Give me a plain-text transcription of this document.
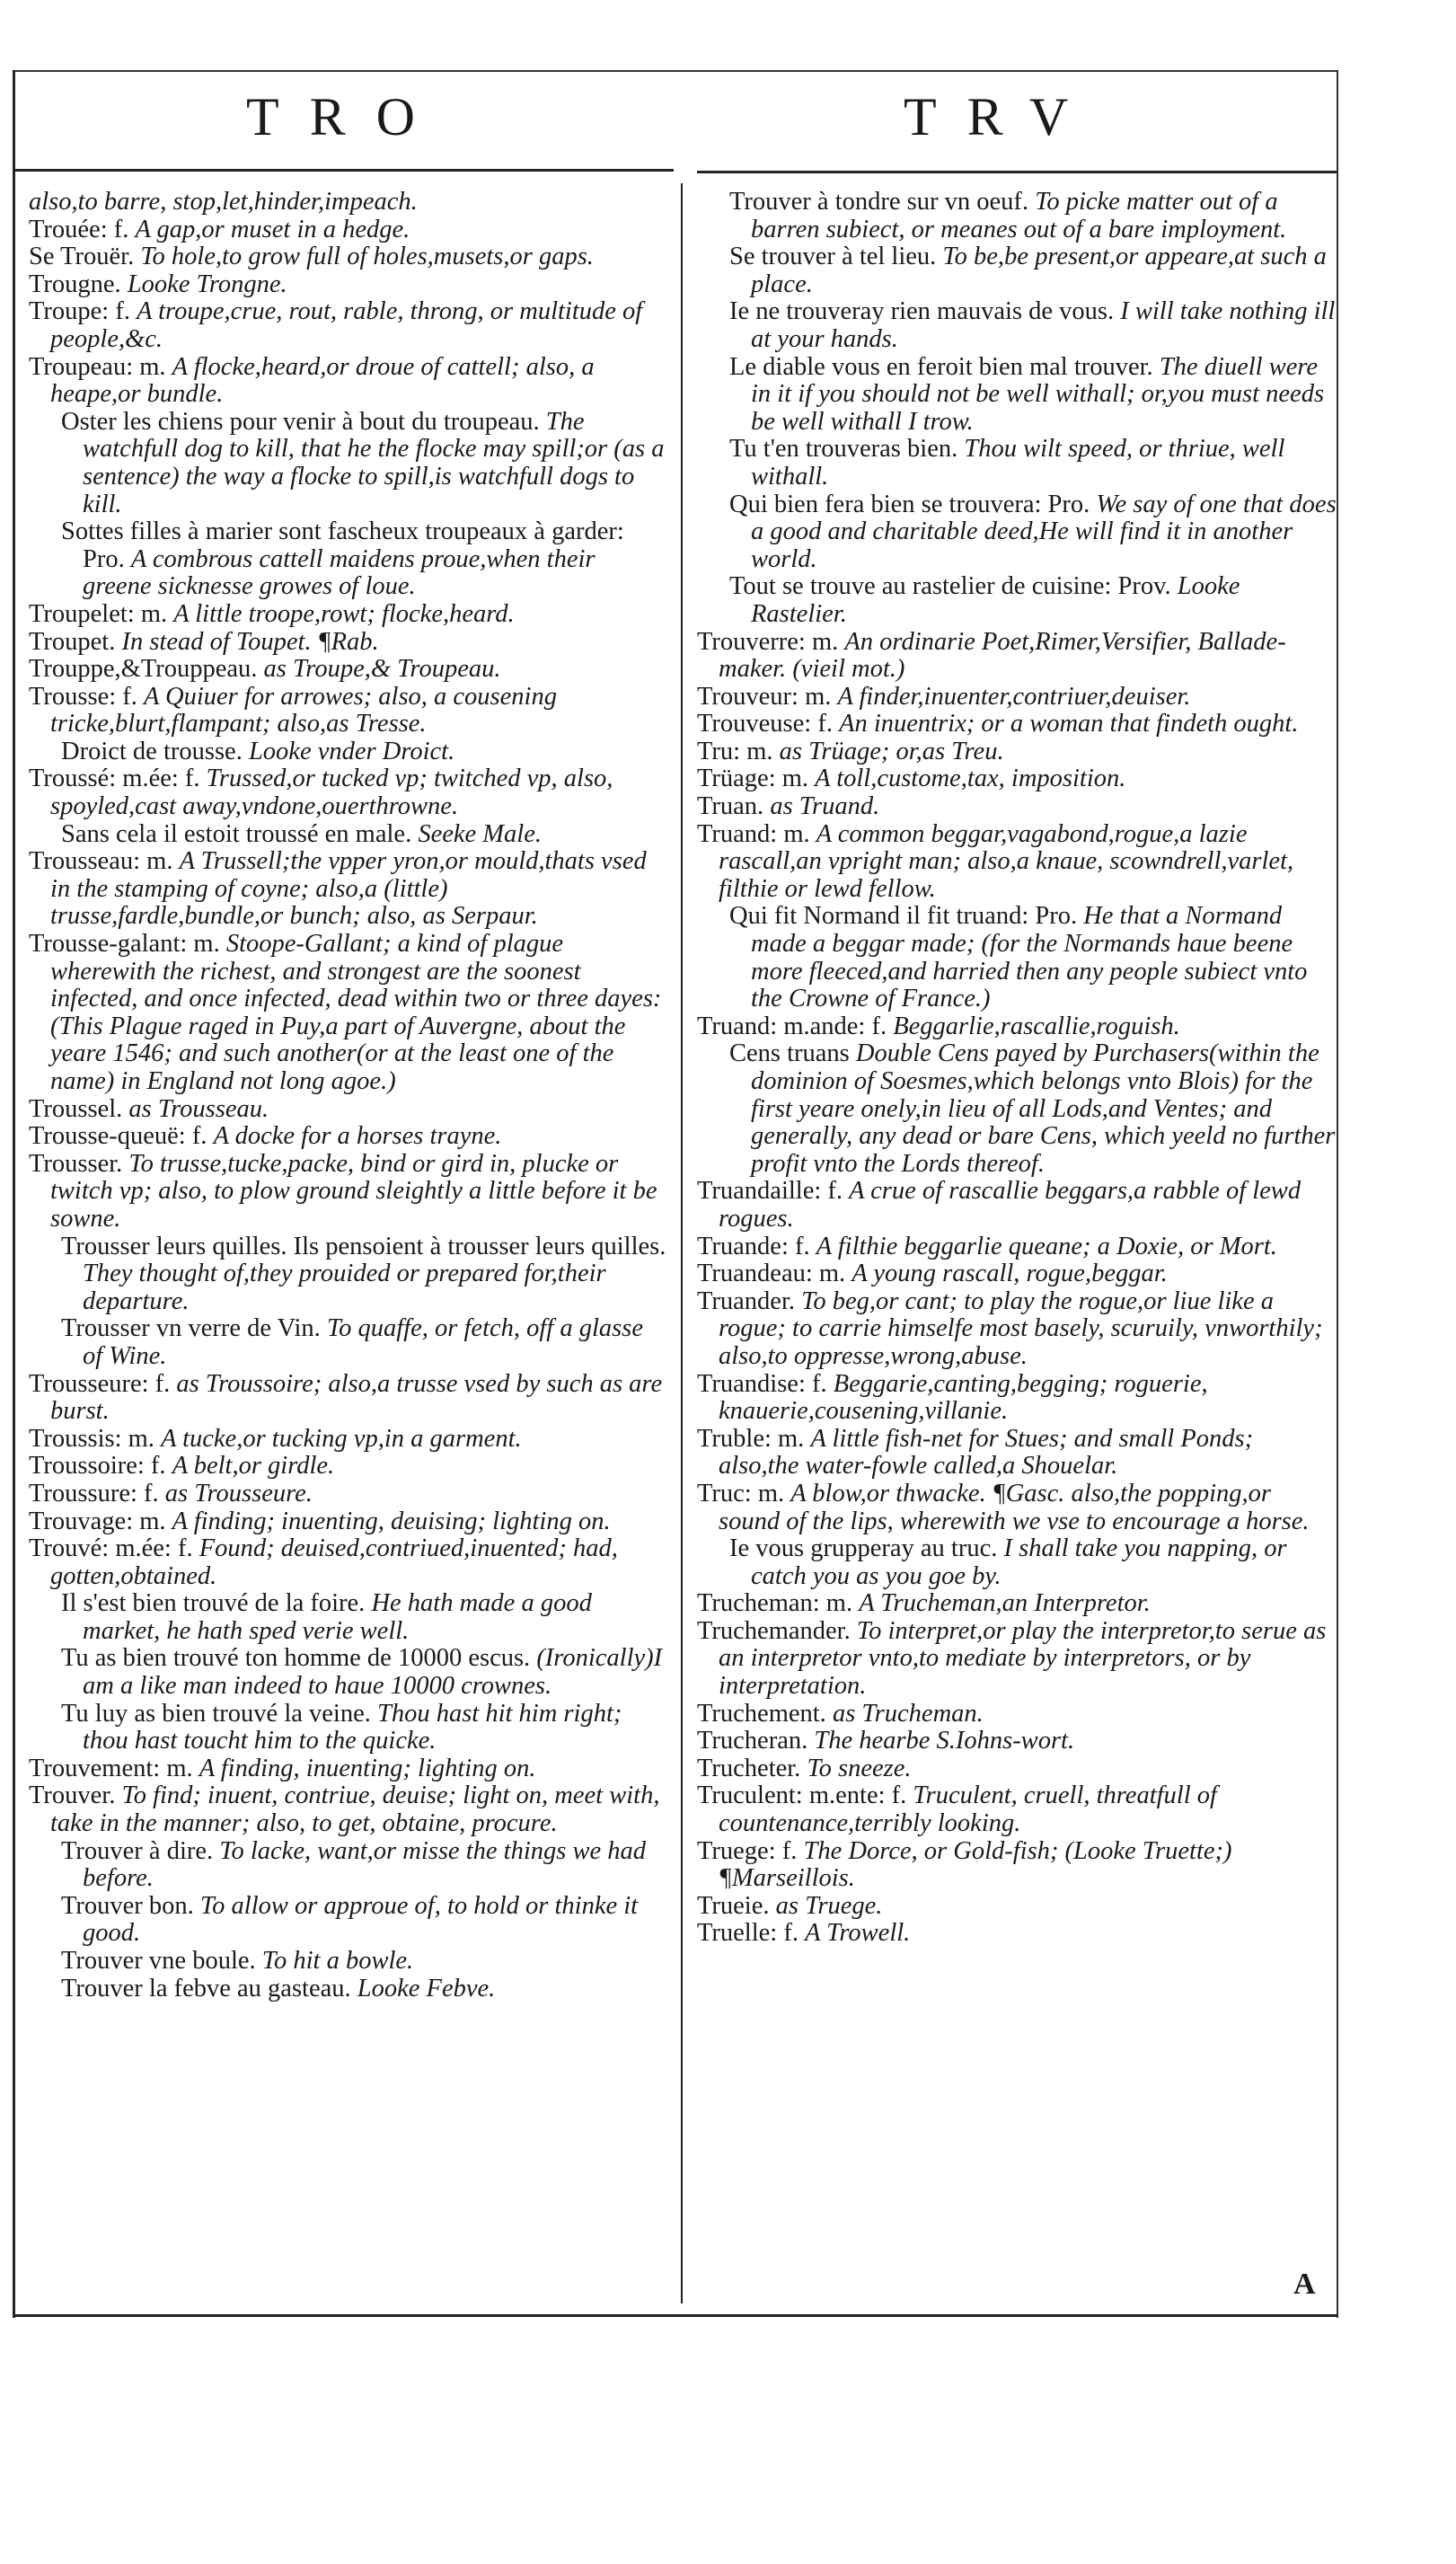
TRO	TRV

also,to barre, stop,let,hinder,impeach.

Trouée: f. A gap,or muset in a hedge.

Se Trouër. To hole,to grow full of holes,musets,or gaps.

Trougne. Looke Trongne.

Troupe: f. A troupe,crue, rout, rable, throng, or multitude of people,&c.

Troupeau: m. A flocke,heard,or droue of cattell; also, a heape,or bundle.

Oster les chiens pour venir à bout du troupeau. The watchfull dog to kill, that he the flocke may spill;or (as a sentence) the way a flocke to spill,is watchfull dogs to kill.

Sottes filles à marier sont fascheux troupeaux à garder: Pro. A combrous cattell maidens proue,when their greene sicknesse growes of loue.

Troupelet: m. A little troope,rowt; flocke,heard.

Troupet. In stead of Toupet. ¶Rab.

Trouppe,&Trouppeau. as Troupe,& Troupeau.

Trousse: f. A Quiuer for arrowes; also, a cousening tricke,blurt,flampant; also,as Tresse.

Droict de trousse. Looke vnder Droict.

Troussé: m.ée: f. Trussed,or tucked vp; twitched vp, also, spoyled,cast away,vndone,ouerthrowne.

Sans cela il estoit troussé en male. Seeke Male.

Trousseau: m. A Trussell;the vpper yron,or mould,thats vsed in the stamping of coyne; also,a (little) trusse,fardle,bundle,or bunch; also, as Serpaur.

Trousse-galant: m. Stoope-Gallant; a kind of plague wherewith the richest, and strongest are the soonest infected, and once infected, dead within two or three dayes:(This Plague raged in Puy,a part of Auvergne, about the yeare 1546; and such another(or at the least one of the name) in England not long agoe.)

Troussel. as Trousseau.

Trousse-queuë: f. A docke for a horses trayne.

Trousser. To trusse,tucke,packe, bind or gird in, plucke or twitch vp; also, to plow ground sleightly a little before it be sowne.

Trousser leurs quilles. Ils pensoient à trousser leurs quilles. They thought of,they prouided or prepared for,their departure.

Trousser vn verre de Vin. To quaffe, or fetch, off a glasse of Wine.

Trousseure: f. as Troussoire; also,a trusse vsed by such as are burst.

Troussis: m. A tucke,or tucking vp,in a garment.

Troussoire: f. A belt,or girdle.

Troussure: f. as Trousseure.

Trouvage: m. A finding; inuenting, deuising; lighting on.

Trouvé: m.ée: f. Found; deuised,contriued,inuented; had, gotten,obtained.

Il s'est bien trouvé de la foire. He hath made a good market, he hath sped verie well.

Tu as bien trouvé ton homme de 10000 escus. (Ironically)I am a like man indeed to haue 10000 crownes.

Tu luy as bien trouvé la veine. Thou hast hit him right; thou hast toucht him to the quicke.

Trouvement: m. A finding, inuenting; lighting on.

Trouver. To find; inuent, contriue, deuise; light on, meet with, take in the manner; also, to get, obtaine, procure.

Trouver à dire. To lacke, want,or misse the things we had before.

Trouver bon. To allow or approue of, to hold or thinke it good.

Trouver vne boule. To hit a bowle.

Trouver la febve au gasteau. Looke Febve.

Trouver à tondre sur vn oeuf. To picke matter out of a barren subiect, or meanes out of a bare imployment.

Se trouver à tel lieu. To be,be present,or appeare,at such a place.

Ie ne trouveray rien mauvais de vous. I will take nothing ill at your hands.

Le diable vous en feroit bien mal trouver. The diuell were in it if you should not be well withall; or,you must needs be well withall I trow.

Tu t'en trouveras bien. Thou wilt speed, or thriue, well withall.

Qui bien fera bien se trouvera: Pro. We say of one that does a good and charitable deed,He will find it in another world.

Tout se trouve au rastelier de cuisine: Prov. Looke Rastelier.

Trouverre: m. An ordinarie Poet,Rimer,Versifier, Ballade-maker. (vieil mot.)

Trouveur: m. A finder,inuenter,contriuer,deuiser.

Trouveuse: f. An inuentrix; or a woman that findeth ought.

Tru: m. as Trüage; or,as Treu.

Trüage: m. A toll,custome,tax, imposition.

Truan. as Truand.

Truand: m. A common beggar,vagabond,rogue,a lazie rascall,an vpright man; also,a knaue, scowndrell,varlet, filthie or lewd fellow.

Qui fit Normand il fit truand: Pro. He that a Normand made a beggar made; (for the Normands haue beene more fleeced,and harried then any people subiect vnto the Crowne of France.)

Truand: m.ande: f. Beggarlie,rascallie,roguish.

Cens truans Double Cens payed by Purchasers(within the dominion of Soesmes,which belongs vnto Blois) for the first yeare onely,in lieu of all Lods,and Ventes; and generally, any dead or bare Cens, which yeeld no further profit vnto the Lords thereof.

Truandaille: f. A crue of rascallie beggars,a rabble of lewd rogues.

Truande: f. A filthie beggarlie queane; a Doxie, or Mort.

Truandeau: m. A young rascall, rogue,beggar.

Truander. To beg,or cant; to play the rogue,or liue like a rogue; to carrie himselfe most basely, scuruily, vnworthily; also,to oppresse,wrong,abuse.

Truandise: f. Beggarie,canting,begging; roguerie, knauerie,cousening,villanie.

Truble: m. A little fish-net for Stues; and small Ponds; also,the water-fowle called,a Shouelar.

Truc: m. A blow,or thwacke. ¶Gasc. also,the popping,or sound of the lips, wherewith we vse to encourage a horse.

Ie vous grupperay au truc. I shall take you napping, or catch you as you goe by.

Trucheman: m. A Trucheman,an Interpretor.

Truchemander. To interpret,or play the interpretor,to serue as an interpretor vnto,to mediate by interpretors, or by interpretation.

Truchement. as Trucheman.

Trucheran. The hearbe S.Iohns-wort.

Trucheter. To sneeze.

Truculent: m.ente: f. Truculent, cruell, threatfull of countenance,terribly looking.

Truege: f. The Dorce, or Gold-fish; (Looke Truette;) ¶Marseillois.

Trueie. as Truege.

Truelle: f. A Trowell.

A
